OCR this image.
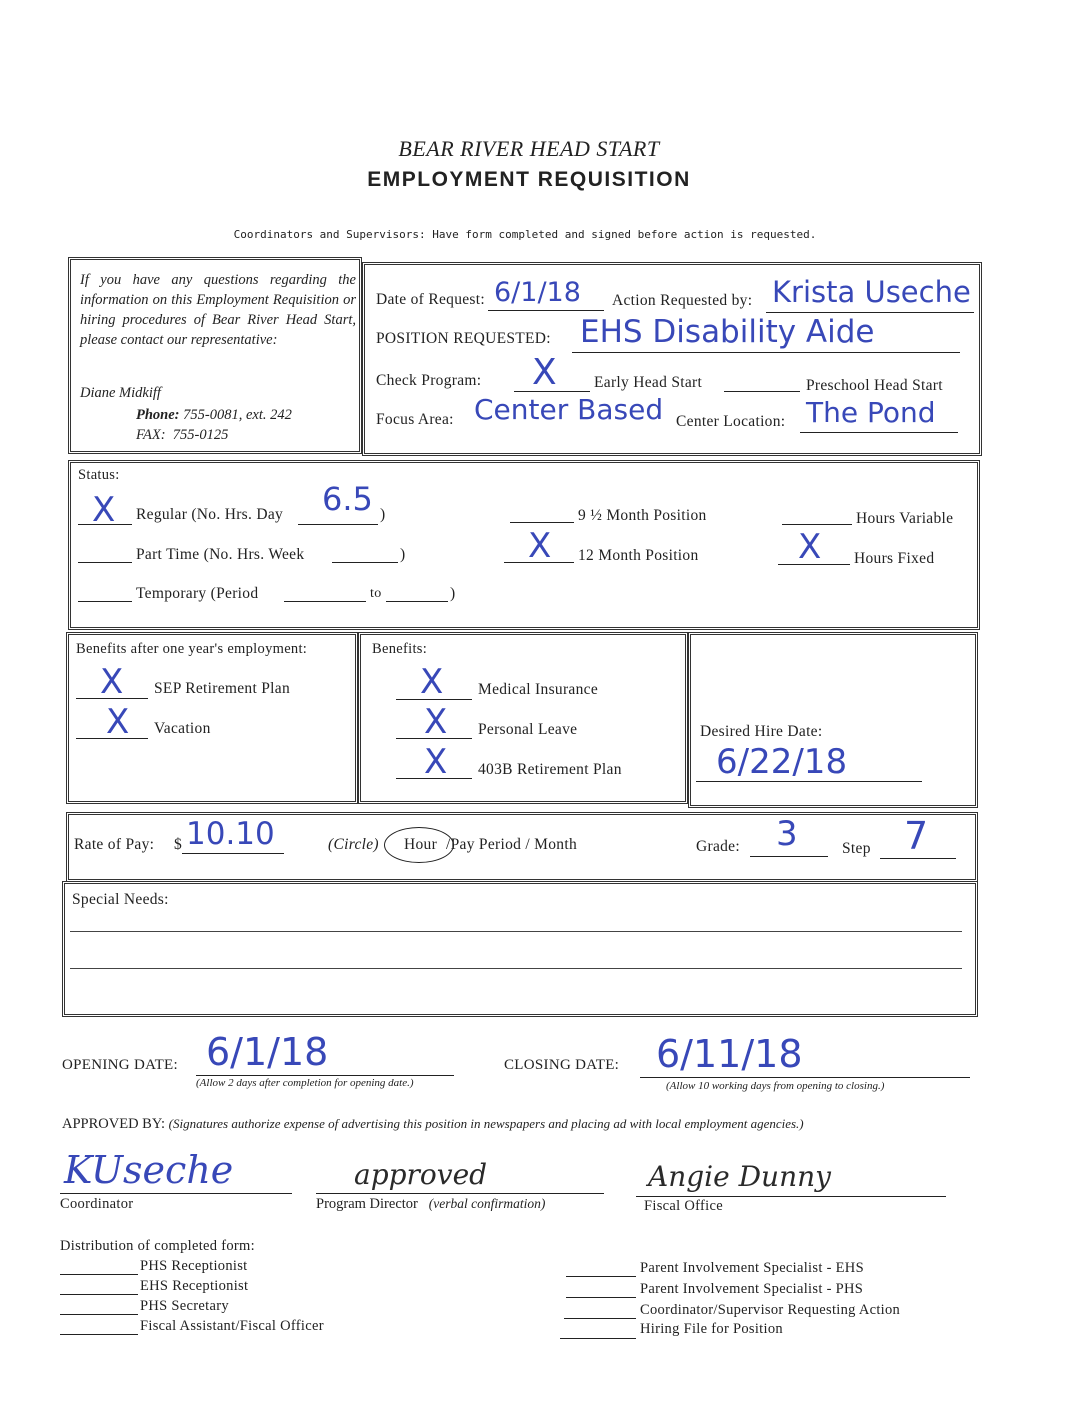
BEAR RIVER HEAD START
EMPLOYMENT REQUISITION
Coordinators and Supervisors: Have form completed and signed before action is requested.
If you have any questions regarding the information on this Employment Requisition or hiring procedures of Bear River Head Start, please contact our representative:
Diane Midkiff
Phone: 755-0081, ext. 242
FAX: 755-0125
Date of Request: 6/1/18 Action Requested by: Krista Useche
POSITION REQUESTED: EHS Disability Aide
Check Program: X Early Head Start	Preschool Head Start
Focus Area: Center Based Center Location: The Pond
Status:
X Regular (No. Hrs. Day 6.5 )	9 ½ Month Position	Hours Variable
Part Time (No. Hrs. Week	)	X 12 Month Position	X Hours Fixed
Temporary (Period	to	)
Benefits after one year's employment:
X SEP Retirement Plan
X Vacation
Benefits:
X Medical Insurance
X Personal Leave
X 403B Retirement Plan
Desired Hire Date:
6/22/18
Rate of Pay: $ 10.10	(Circle) Hour /Pay Period / Month	Grade: 3	Step 7
Special Needs:
OPENING DATE: 6/1/18
(Allow 2 days after completion for opening date.)
CLOSING DATE: 6/11/18
(Allow 10 working days from opening to closing.)
APPROVED BY: (Signatures authorize expense of advertising this position in newspapers and placing ad with local employment agencies.)
KUseche
Coordinator
approved
Program Director (verbal confirmation)
Angie Dunny
Fiscal Office
Distribution of completed form:
PHS Receptionist
EHS Receptionist
PHS Secretary
Fiscal Assistant/Fiscal Officer
Parent Involvement Specialist - EHS
Parent Involvement Specialist - PHS
Coordinator/Supervisor Requesting Action
Hiring File for Position
